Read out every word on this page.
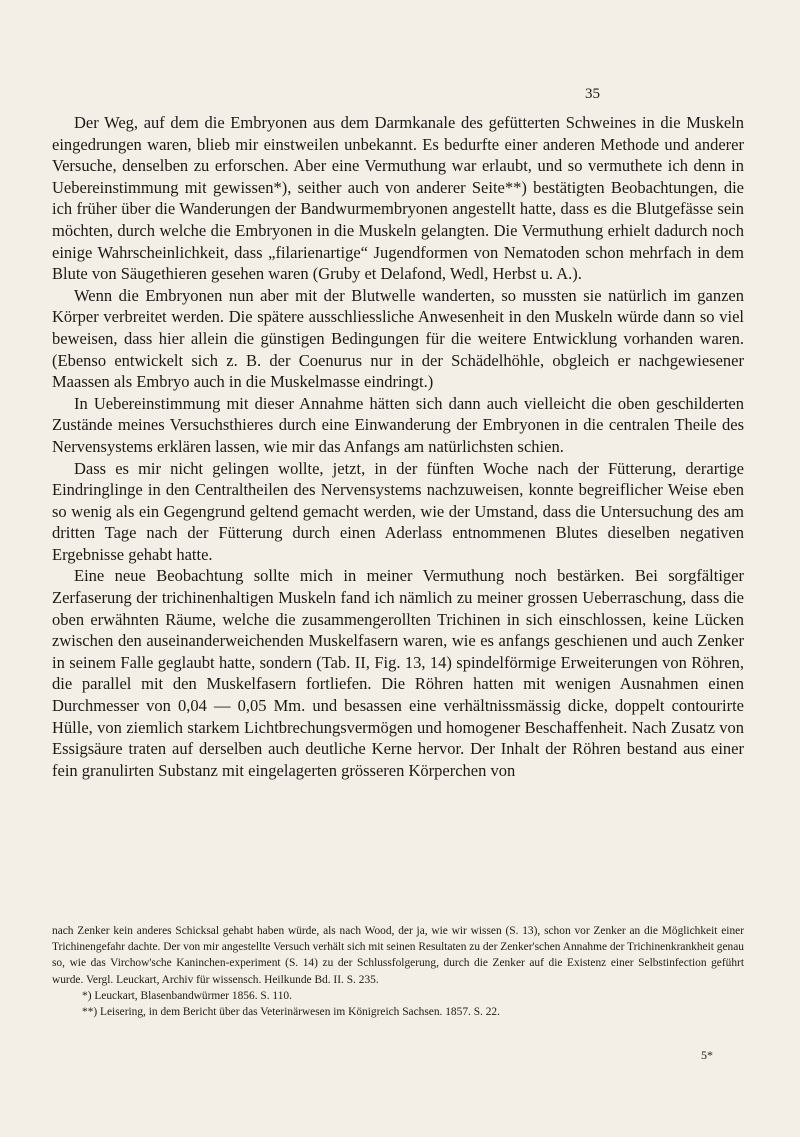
35

Der Weg, auf dem die Embryonen aus dem Darmkanale des gefütterten Schweines in die Muskeln eingedrungen waren, blieb mir einstweilen unbekannt. Es bedurfte einer anderen Methode und anderer Versuche, denselben zu erforschen. Aber eine Vermuthung war erlaubt, und so vermuthete ich denn in Uebereinstimmung mit gewissen*), seither auch von anderer Seite**) bestätigten Beobachtungen, die ich früher über die Wanderungen der Bandwurmembryonen angestellt hatte, dass es die Blutgefässe sein möchten, durch welche die Embryonen in die Muskeln gelangten. Die Vermuthung erhielt dadurch noch einige Wahrscheinlichkeit, dass „filarienartige“ Jugendformen von Nematoden schon mehrfach in dem Blute von Säugethieren gesehen waren (Gruby et Delafond, Wedl, Herbst u. A.).

Wenn die Embryonen nun aber mit der Blutwelle wanderten, so mussten sie natürlich im ganzen Körper verbreitet werden. Die spätere ausschliessliche Anwesenheit in den Muskeln würde dann so viel beweisen, dass hier allein die günstigen Bedingungen für die weitere Entwicklung vorhanden waren. (Ebenso entwickelt sich z. B. der Coenurus nur in der Schädelhöhle, obgleich er nachgewiesener Maassen als Embryo auch in die Muskelmasse eindringt.)

In Uebereinstimmung mit dieser Annahme hätten sich dann auch vielleicht die oben geschilderten Zustände meines Versuchsthieres durch eine Einwanderung der Embryonen in die centralen Theile des Nervensystems erklären lassen, wie mir das Anfangs am natürlichsten schien.

Dass es mir nicht gelingen wollte, jetzt, in der fünften Woche nach der Fütterung, derartige Eindringlinge in den Centraltheilen des Nervensystems nachzuweisen, konnte begreiflicher Weise eben so wenig als ein Gegengrund geltend gemacht werden, wie der Umstand, dass die Untersuchung des am dritten Tage nach der Fütterung durch einen Aderlass entnommenen Blutes dieselben negativen Ergebnisse gehabt hatte.

Eine neue Beobachtung sollte mich in meiner Vermuthung noch bestärken. Bei sorgfältiger Zerfaserung der trichinenhaltigen Muskeln fand ich nämlich zu meiner grossen Ueberraschung, dass die oben erwähnten Räume, welche die zusammengerollten Trichinen in sich einschlossen, keine Lücken zwischen den auseinanderweichenden Muskelfasern waren, wie es anfangs geschienen und auch Zenker in seinem Falle geglaubt hatte, sondern (Tab. II, Fig. 13, 14) spindelförmige Erweiterungen von Röhren, die parallel mit den Muskelfasern fortliefen. Die Röhren hatten mit wenigen Ausnahmen einen Durchmesser von 0,04 — 0,05 Mm. und besassen eine verhältnissmässig dicke, doppelt contourirte Hülle, von ziemlich starkem Lichtbrechungsvermögen und homogener Beschaffenheit. Nach Zusatz von Essigsäure traten auf derselben auch deutliche Kerne hervor. Der Inhalt der Röhren bestand aus einer fein granulirten Substanz mit eingelagerten grösseren Körperchen von

nach Zenker kein anderes Schicksal gehabt haben würde, als nach Wood, der ja, wie wir wissen (S. 13), schon vor Zenker an die Möglichkeit einer Trichinengefahr dachte. Der von mir angestellte Versuch verhält sich mit seinen Resultaten zu der Zenker'schen Annahme der Trichinenkrankheit genau so, wie das Virchow'sche Kaninchen-experiment (S. 14) zu der Schlussfolgerung, durch die Zenker auf die Existenz einer Selbstinfection geführt wurde. Vergl. Leuckart, Archiv für wissensch. Heilkunde Bd. II. S. 235.

*) Leuckart, Blasenbandwürmer 1856. S. 110.

**) Leisering, in dem Bericht über das Veterinärwesen im Königreich Sachsen. 1857. S. 22.

5*
